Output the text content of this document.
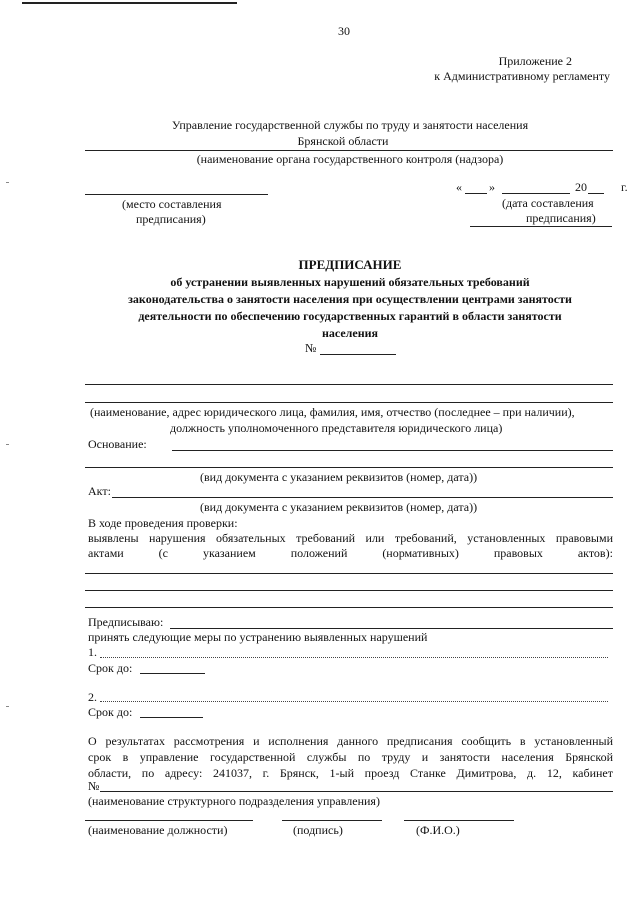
30
Приложение 2
к Административному регламенту
Управление государственной службы по труду и занятости населения
Брянской области
(наименование органа государственного контроля (надзора)
(место составления
предписания)
« »	20	г.
(дата составления
предписания)
ПРЕДПИСАНИЕ
об устранении выявленных нарушений обязательных требований
законодательства о занятости населения при осуществлении центрами занятости
деятельности по обеспечению государственных гарантий в области занятости
населения
№
(наименование, адрес юридического лица, фамилия, имя, отчество (последнее – при наличии),
должность уполномоченного представителя юридического лица)
Основание:
(вид документа с указанием реквизитов (номер, дата))
Акт:
(вид документа с указанием реквизитов (номер, дата))
В ходе проведения проверки:
выявлены нарушения обязательных требований или требований, установленных правовыми
актами	(с	указанием	положений	(нормативных)	правовых	актов):
Предписываю:
принять следующие меры по устранению выявленных нарушений
1.
Срок до:
2.
Срок до:
О результатах рассмотрения и исполнения данного предписания сообщить в установленный
срок в управление государственной службы по труду и занятости населения Брянской
области, по адресу: 241037, г. Брянск, 1-ый проезд Станке Димитрова, д. 12, кабинет
№
(наименование структурного подразделения управления)
(наименование должности)	(подпись)	(Ф.И.О.)
